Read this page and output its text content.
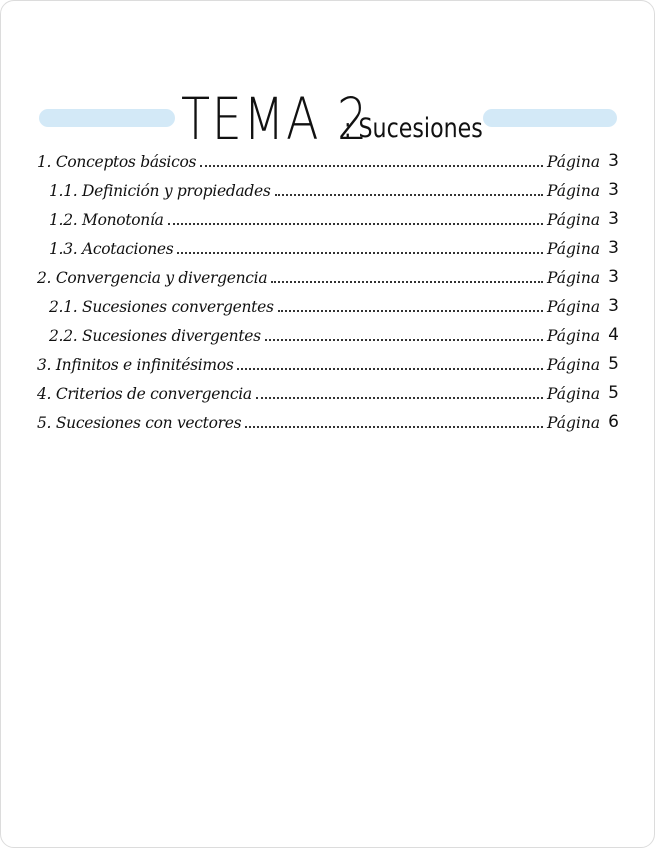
TEMA 2
: Sucesiones
1. Conceptos básicos	Página 3
1.1. Definición y propiedades	Página 3
1.2. Monotonía	Página 3
1.3. Acotaciones	Página 3
2. Convergencia y divergencia	Página 3
2.1. Sucesiones convergentes	Página 3
2.2. Sucesiones divergentes	Página 4
3. Infinitos e infinitésimos	Página 5
4. Criterios de convergencia	Página 5
5. Sucesiones con vectores	Página 6
